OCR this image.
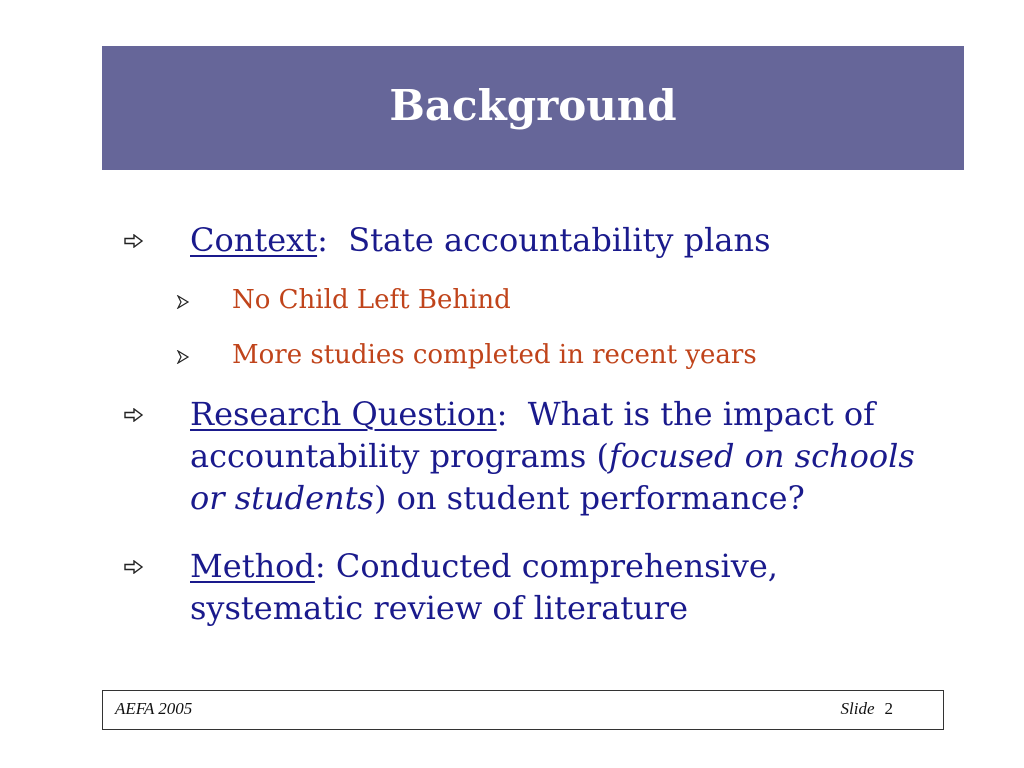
Background
Context:  State accountability plans
No Child Left Behind
More studies completed in recent years
Research Question:  What is the impact of accountability programs (focused on schools or students) on student performance?
Method: Conducted comprehensive, systematic review of literature
AEFA 2005	Slide 2
